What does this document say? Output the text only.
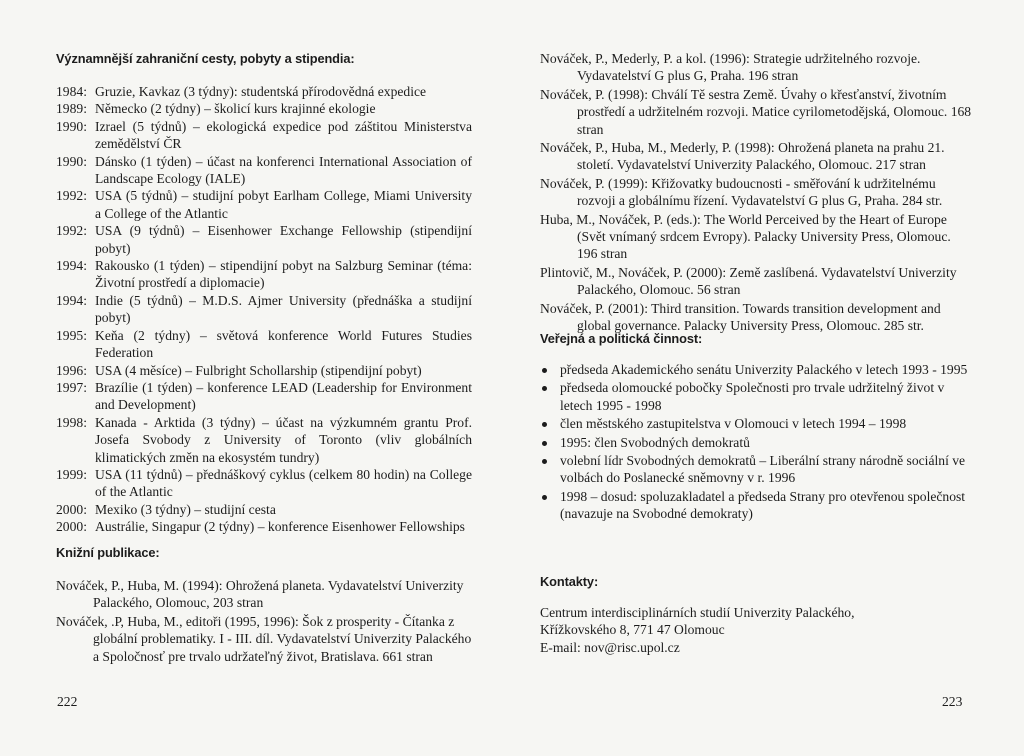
Významnější zahraniční cesty, pobyty a stipendia:
1984: Gruzie, Kavkaz (3 týdny): studentská přírodovědná expedice
1989: Německo (2 týdny) – školicí kurs krajinné ekologie
1990: Izrael (5 týdnů) – ekologická expedice pod záštitou Ministerstva zemědělství ČR
1990: Dánsko (1 týden) – účast na konferenci International Association of Landscape Ecology (IALE)
1992: USA (5 týdnů) – studijní pobyt Earlham College, Miami University a College of the Atlantic
1992: USA (9 týdnů) – Eisenhower Exchange Fellowship (stipendijní pobyt)
1994: Rakousko (1 týden) – stipendijní pobyt na Salzburg Seminar (téma: Životní prostředí a diplomacie)
1994: Indie (5 týdnů) – M.D.S. Ajmer University (přednáška a studijní pobyt)
1995: Keňa (2 týdny) – světová konference World Futures Studies Federation
1996: USA (4 měsíce) – Fulbright Schollarship (stipendijní pobyt)
1997: Brazílie (1 týden) – konference LEAD (Leadership for Environment and Development)
1998: Kanada - Arktida (3 týdny) – účast na výzkumném grantu Prof. Josefa Svobody z University of Toronto (vliv globálních klimatických změn na ekosystém tundry)
1999: USA (11 týdnů) – přednáškový cyklus (celkem 80 hodin) na College of the Atlantic
2000: Mexiko (3 týdny) – studijní cesta
2000: Austrálie, Singapur (2 týdny) – konference Eisenhower Fellowships
Knižní publikace:
Nováček, P., Huba, M. (1994): Ohrožená planeta. Vydavatelství Univerzity Palackého, Olomouc, 203 stran
Nováček, .P, Huba, M., editoři (1995, 1996): Šok z prosperity - Čítanka z globální problematiky. I - III. díl. Vydavatelství Univerzity Palackého a Spoločnosť pre trvalo udržateľný život, Bratislava. 661 stran
222
Nováček, P., Mederly, P. a kol. (1996): Strategie udržitelného rozvoje. Vydavatelství G plus G, Praha. 196 stran
Nováček, P. (1998): Chválí Tě sestra Země. Úvahy o křesťanství, životním prostředí a udržitelném rozvoji. Matice cyrilometodějská, Olomouc. 168 stran
Nováček, P., Huba, M., Mederly, P. (1998): Ohrožená planeta na prahu 21. století. Vydavatelství Univerzity Palackého, Olomouc. 217 stran
Nováček, P. (1999): Křižovatky budoucnosti - směřování k udržitelnému rozvoji a globálnímu řízení. Vydavatelství G plus G, Praha. 284 str.
Huba, M., Nováček, P. (eds.): The World Perceived by the Heart of Europe (Svět vnímaný srdcem Evropy). Palacky University Press, Olomouc. 196 stran
Plintovič, M., Nováček, P. (2000): Země zaslíbená. Vydavatelství Univerzity Palackého, Olomouc. 56 stran
Nováček, P. (2001): Third transition. Towards transition development and global governance. Palacky University Press, Olomouc. 285 str.
Veřejná a politická činnost:
předseda Akademického senátu Univerzity Palackého v letech 1993 - 1995
předseda olomoucké pobočky Společnosti pro trvale udržitelný život v letech 1995 - 1998
člen městského zastupitelstva v Olomouci v letech 1994 – 1998
1995: člen Svobodných demokratů
volební lídr Svobodných demokratů – Liberální strany národně sociální ve volbách do Poslanecké sněmovny v r. 1996
1998 – dosud: spoluzakladatel a předseda Strany pro otevřenou společnost (navazuje na Svobodné demokraty)
Kontakty:

Centrum interdisciplinárních studií Univerzity Palackého,

Křížkovského 8, 771 47 Olomouc

E-mail: nov@risc.upol.cz

223
